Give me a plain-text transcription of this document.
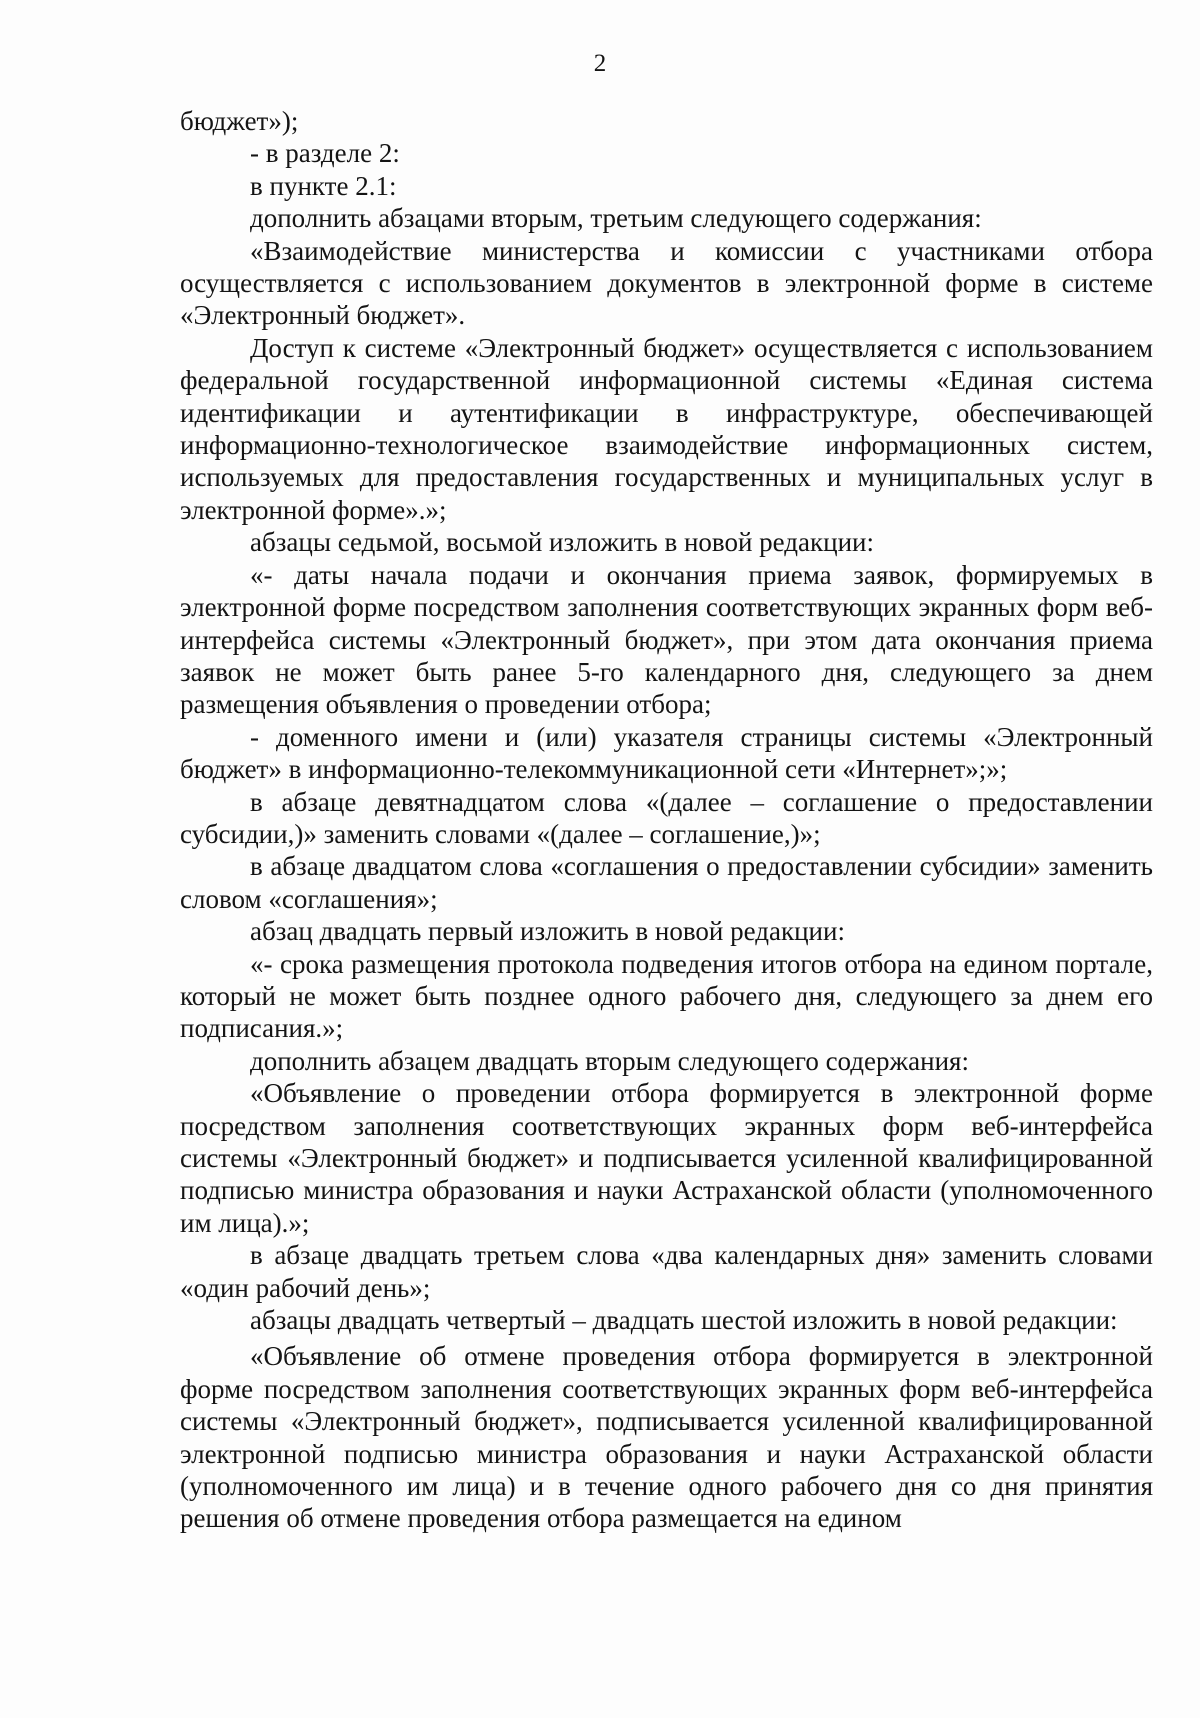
2

бюджет»);

- в разделе 2:

в пункте 2.1:

дополнить абзацами вторым, третьим следующего содержания:

«Взаимодействие министерства и комиссии с участниками отбора осуществляется с использованием документов в электронной форме в системе «Электронный бюджет».

Доступ к системе «Электронный бюджет» осуществляется с использованием федеральной государственной информационной системы «Единая система идентификации и аутентификации в инфраструктуре, обеспечивающей информационно-технологическое взаимодействие информационных систем, используемых для предоставления государственных и муниципальных услуг в электронной форме».»;

абзацы седьмой, восьмой изложить в новой редакции:

«- даты начала подачи и окончания приема заявок, формируемых в электронной форме посредством заполнения соответствующих экранных форм веб-интерфейса системы «Электронный бюджет», при этом дата окончания приема заявок не может быть ранее 5-го календарного дня, следующего за днем размещения объявления о проведении отбора;

- доменного имени и (или) указателя страницы системы «Электронный бюджет» в информационно-телекоммуникационной сети «Интернет»;»;

в абзаце девятнадцатом слова «(далее – соглашение о предоставлении субсидии,)» заменить словами «(далее – соглашение,)»;

в абзаце двадцатом слова «соглашения о предоставлении субсидии» заменить словом «соглашения»;

абзац двадцать первый изложить в новой редакции:

«- срока размещения протокола подведения итогов отбора на едином портале, который не может быть позднее одного рабочего дня, следующего за днем его подписания.»;

дополнить абзацем двадцать вторым следующего содержания:

«Объявление о проведении отбора формируется в электронной форме посредством заполнения соответствующих экранных форм веб-интерфейса системы «Электронный бюджет» и подписывается усиленной квалифицированной подписью министра образования и науки Астраханской области (уполномоченного им лица).»;

в абзаце двадцать третьем слова «два календарных дня» заменить словами «один рабочий день»;

абзацы двадцать четвертый – двадцать шестой изложить в новой редакции:

«Объявление об отмене проведения отбора формируется в электронной форме посредством заполнения соответствующих экранных форм веб-интерфейса системы «Электронный бюджет», подписывается усиленной квалифицированной электронной подписью министра образования и науки Астраханской области (уполномоченного им лица) и в течение одного рабочего дня со дня принятия решения об отмене проведения отбора размещается на едином
